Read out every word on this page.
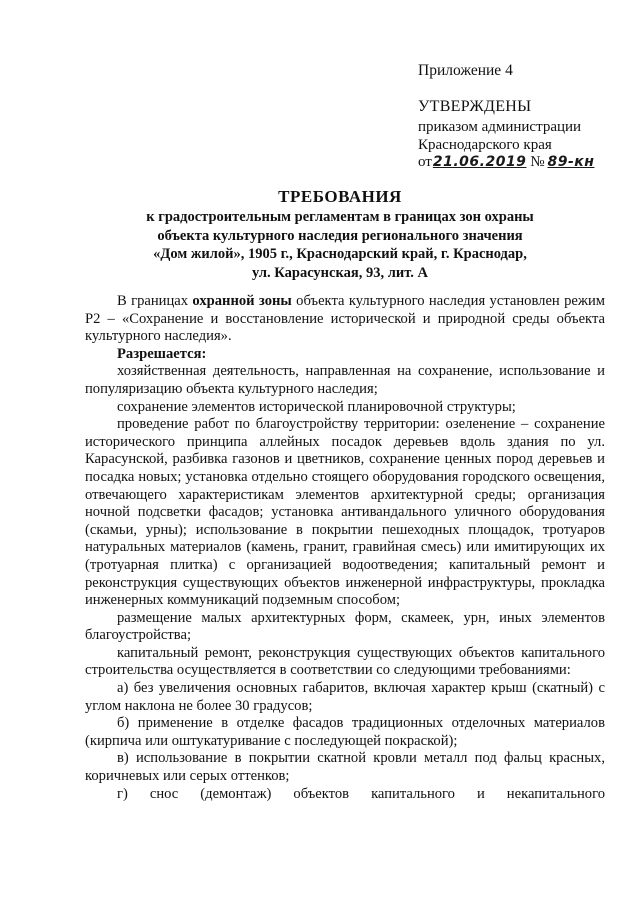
Приложение 4
УТВЕРЖДЕНЫ
приказом администрации
Краснодарского края
от21.06.2019 № 89-кн
ТРЕБОВАНИЯ
к градостроительным регламентам в границах зон охраны
объекта культурного наследия регионального значения
«Дом жилой», 1905 г., Краснодарский край, г. Краснодар,
ул. Карасунская, 93, лит. А

В границах охранной зоны объекта культурного наследия установлен режим Р2 – «Сохранение и восстановление исторической и природной среды объекта культурного наследия».

Разрешается:

хозяйственная деятельность, направленная на сохранение, использование и популяризацию объекта культурного наследия;

сохранение элементов исторической планировочной структуры;

проведение работ по благоустройству территории: озеленение – сохранение исторического принципа аллейных посадок деревьев вдоль здания по ул. Карасунской, разбивка газонов и цветников, сохранение ценных пород деревьев и посадка новых; установка отдельно стоящего оборудования городского освещения, отвечающего характеристикам элементов архитектурной среды; организация ночной подсветки фасадов; установка антивандального уличного оборудования (скамьи, урны); использование в покрытии пешеходных площадок, тротуаров натуральных материалов (камень, гранит, гравийная смесь) или имитирующих их (тротуарная плитка) с организацией водоотведения; капитальный ремонт и реконструкция существующих объектов инженерной инфраструктуры, прокладка инженерных коммуникаций подземным способом;

размещение малых архитектурных форм, скамеек, урн, иных элементов благоустройства;

капитальный ремонт, реконструкция существующих объектов капитального строительства осуществляется в соответствии со следующими требованиями:

а) без увеличения основных габаритов, включая характер крыш (скатный) с углом наклона не более 30 градусов;

б) применение в отделке фасадов традиционных отделочных материалов (кирпича или оштукатуривание с последующей покраской);

в) использование в покрытии скатной кровли металл под фальц красных, коричневых или серых оттенков;

г) снос (демонтаж) объектов капитального и некапитального
